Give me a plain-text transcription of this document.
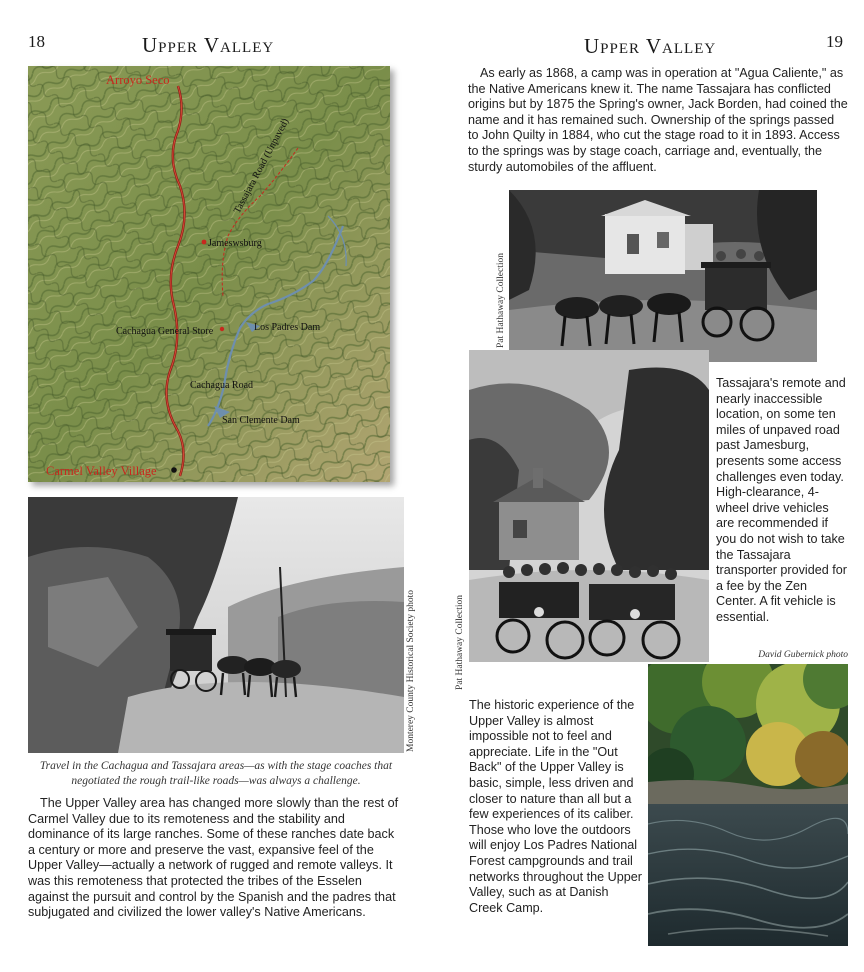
18	Upper Valley
Arroyo Seco
Tassajara Road (Unpaved)
Jameswsburg
Cachagua General Store	Los Padres Dam
Cachagua Road
San Clemente Dam
Carmel Valley Village
Monterey County Historical Society photo
Travel in the Cachagua and Tassajara areas—as with the stage coaches that negotiated the rough trail-like roads—was always a challenge.
The Upper Valley area has changed more slowly than the rest of Carmel Valley due to its remoteness and the stability and dominance of its large ranches. Some of these ranches date back a century or more and preserve the vast, expansive feel of the Upper Valley—actually a network of rugged and remote valleys. It was this remoteness that protected the tribes of the Esselen against the pursuit and control by the Spanish and the padres that subjugated and civilized the lower valley's Native Americans.
Upper Valley	19
As early as 1868, a camp was in operation at "Agua Caliente," as the Native Americans knew it. The name Tassajara has conflicted origins but by 1875 the Spring's owner, Jack Borden, had coined the name and it has remained such. Ownership of the springs passed to John Quilty in 1884, who cut the stage road to it in 1893. Access to the springs was by stage coach, carriage and, eventually, the sturdy automobiles of the affluent.
Pat Hathaway Collection
Pat Hathaway Collection
Tassajara's remote and nearly inaccessible location, on some ten miles of unpaved road past Jamesburg, presents some access challenges even today. High-clearance, 4-wheel drive vehicles are recommended if you do not wish to take the Tassajara transporter provided for a fee by the Zen Center. A fit vehicle is essential.
David Gubernick photo
The historic experience of the Upper Valley is almost impossible not to feel and appreciate. Life in the "Out Back" of the Upper Valley is basic, simple, less driven and closer to nature than all but a few experiences of its caliber. Those who love the outdoors will enjoy Los Padres National Forest campgrounds and trail networks throughout the Upper Valley, such as at Danish Creek Camp.
